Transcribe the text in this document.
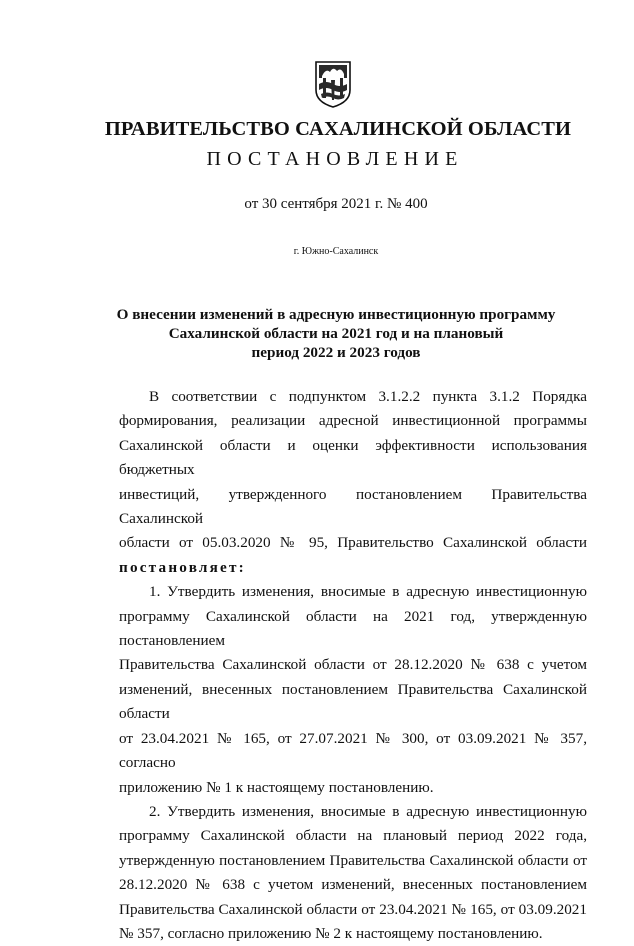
ПРАВИТЕЛЬСТВО САХАЛИНСКОЙ ОБЛАСТИ
ПОСТАНОВЛЕНИЕ
от 30 сентября 2021 г. № 400
г. Южно-Сахалинск
О внесении изменений в адресную инвестиционную программу
Сахалинской области на 2021 год и на плановый
период 2022 и 2023 годов
В соответствии с подпунктом 3.1.2.2 пункта 3.1.2 Порядка
формирования, реализации адресной инвестиционной программы
Сахалинской области и оценки эффективности использования бюджетных
инвестиций, утвержденного постановлением Правительства Сахалинской
области от 05.03.2020 № 95, Правительство Сахалинской области
постановляет:
1. Утвердить изменения, вносимые в адресную инвестиционную
программу Сахалинской области на 2021 год, утвержденную постановлением
Правительства Сахалинской области от 28.12.2020 № 638 с учетом
изменений, внесенных постановлением Правительства Сахалинской области
от 23.04.2021 № 165, от 27.07.2021 № 300, от 03.09.2021 № 357, согласно
приложению № 1 к настоящему постановлению.
2. Утвердить изменения, вносимые в адресную инвестиционную
программу Сахалинской области на плановый период 2022 года,
утвержденную постановлением Правительства Сахалинской области от
28.12.2020 № 638 с учетом изменений, внесенных постановлением
Правительства Сахалинской области от 23.04.2021 № 165, от 03.09.2021
№ 357, согласно приложению № 2 к настоящему постановлению.
